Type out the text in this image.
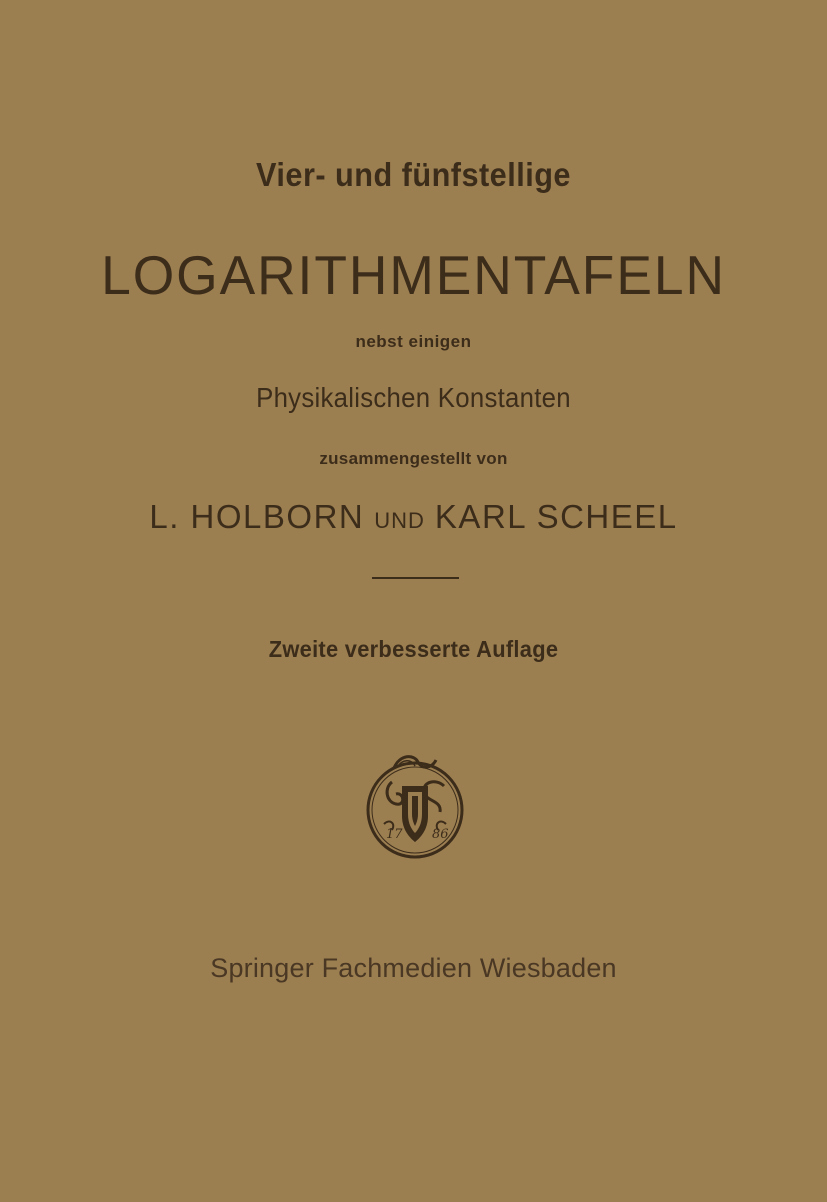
Vier- und fünfstellige
LOGARITHMENTAFELN
nebst einigen
Physikalischen Konstanten
zusammengestellt von
L. HOLBORN UND KARL SCHEEL
Zweite verbesserte Auflage
17 86
Springer Fachmedien Wiesbaden
